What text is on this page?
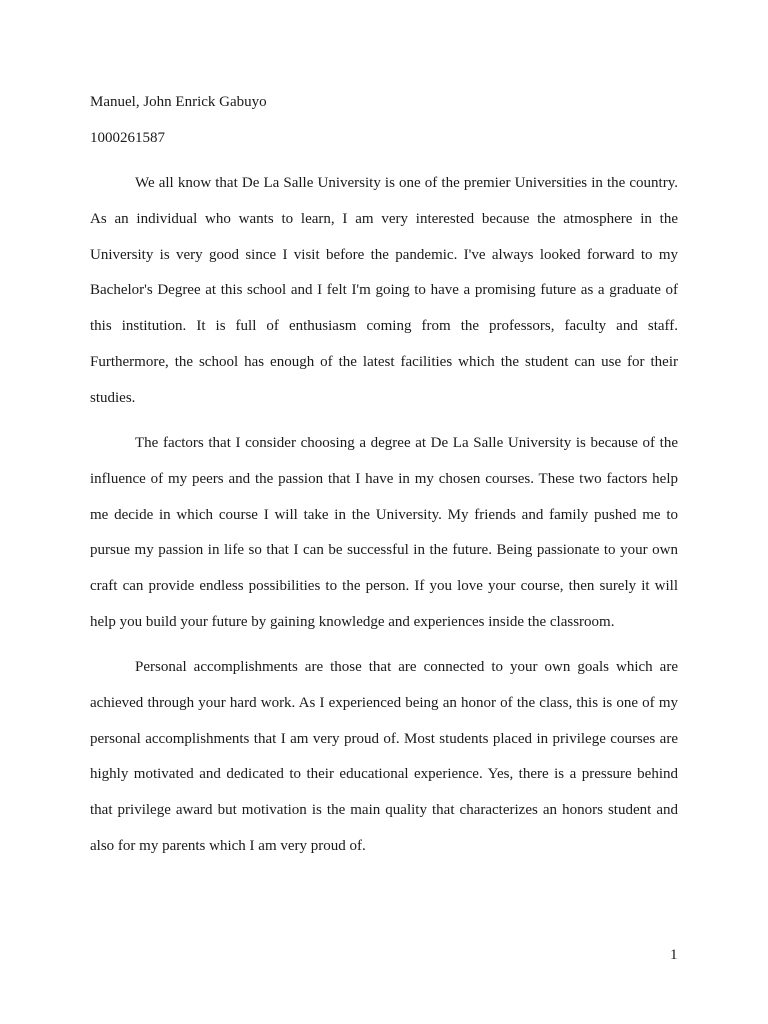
Manuel, John Enrick Gabuyo
1000261587

We all know that De La Salle University is one of the premier Universities in the country. As an individual who wants to learn, I am very interested because the atmosphere in the University is very good since I visit before the pandemic. I've always looked forward to my Bachelor's Degree at this school and I felt I'm going to have a promising future as a graduate of this institution. It is full of enthusiasm coming from the professors, faculty and staff. Furthermore, the school has enough of the latest facilities which the student can use for their studies.

The factors that I consider choosing a degree at De La Salle University is because of the influence of my peers and the passion that I have in my chosen courses. These two factors help me decide in which course I will take in the University. My friends and family pushed me to pursue my passion in life so that I can be successful in the future. Being passionate to your own craft can provide endless possibilities to the person. If you love your course, then surely it will help you build your future by gaining knowledge and experiences inside the classroom.

Personal accomplishments are those that are connected to your own goals which are achieved through your hard work. As I experienced being an honor of the class, this is one of my personal accomplishments that I am very proud of. Most students placed in privilege courses are highly motivated and dedicated to their educational experience. Yes, there is a pressure behind that privilege award but motivation is the main quality that characterizes an honors student and also for my parents which I am very proud of.

1
